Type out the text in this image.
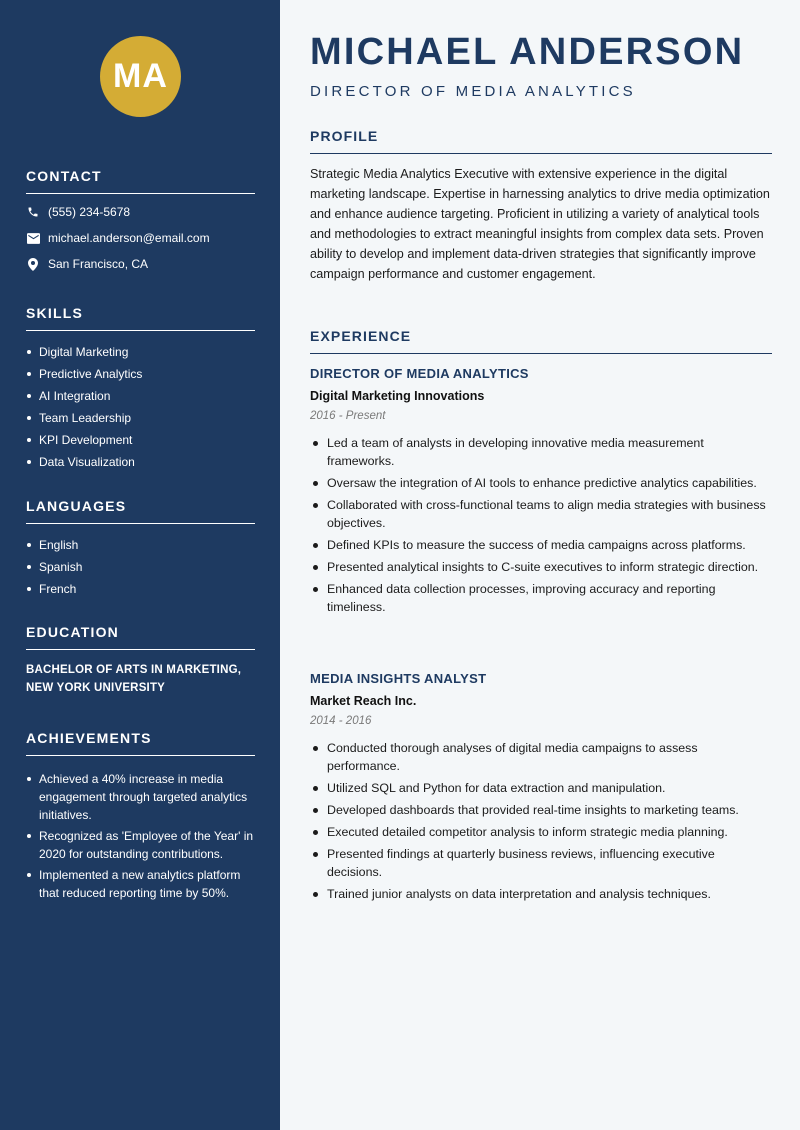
MA
CONTACT
(555) 234-5678
michael.anderson@email.com
San Francisco, CA
SKILLS
Digital Marketing
Predictive Analytics
AI Integration
Team Leadership
KPI Development
Data Visualization
LANGUAGES
English
Spanish
French
EDUCATION
BACHELOR OF ARTS IN MARKETING,
NEW YORK UNIVERSITY
ACHIEVEMENTS
Achieved a 40% increase in media engagement through targeted analytics initiatives.
Recognized as 'Employee of the Year' in 2020 for outstanding contributions.
Implemented a new analytics platform that reduced reporting time by 50%.
MICHAEL ANDERSON
DIRECTOR OF MEDIA ANALYTICS
PROFILE

Strategic Media Analytics Executive with extensive experience in the digital marketing landscape. Expertise in harnessing analytics to drive media optimization and enhance audience targeting. Proficient in utilizing a variety of analytical tools and methodologies to extract meaningful insights from complex data sets. Proven ability to develop and implement data-driven strategies that significantly improve campaign performance and customer engagement.

EXPERIENCE
DIRECTOR OF MEDIA ANALYTICS
Digital Marketing Innovations
2016 - Present
Led a team of analysts in developing innovative media measurement frameworks.
Oversaw the integration of AI tools to enhance predictive analytics capabilities.
Collaborated with cross-functional teams to align media strategies with business objectives.
Defined KPIs to measure the success of media campaigns across platforms.
Presented analytical insights to C-suite executives to inform strategic direction.
Enhanced data collection processes, improving accuracy and reporting timeliness.
MEDIA INSIGHTS ANALYST
Market Reach Inc.
2014 - 2016
Conducted thorough analyses of digital media campaigns to assess performance.
Utilized SQL and Python for data extraction and manipulation.
Developed dashboards that provided real-time insights to marketing teams.
Executed detailed competitor analysis to inform strategic media planning.
Presented findings at quarterly business reviews, influencing executive decisions.
Trained junior analysts on data interpretation and analysis techniques.
